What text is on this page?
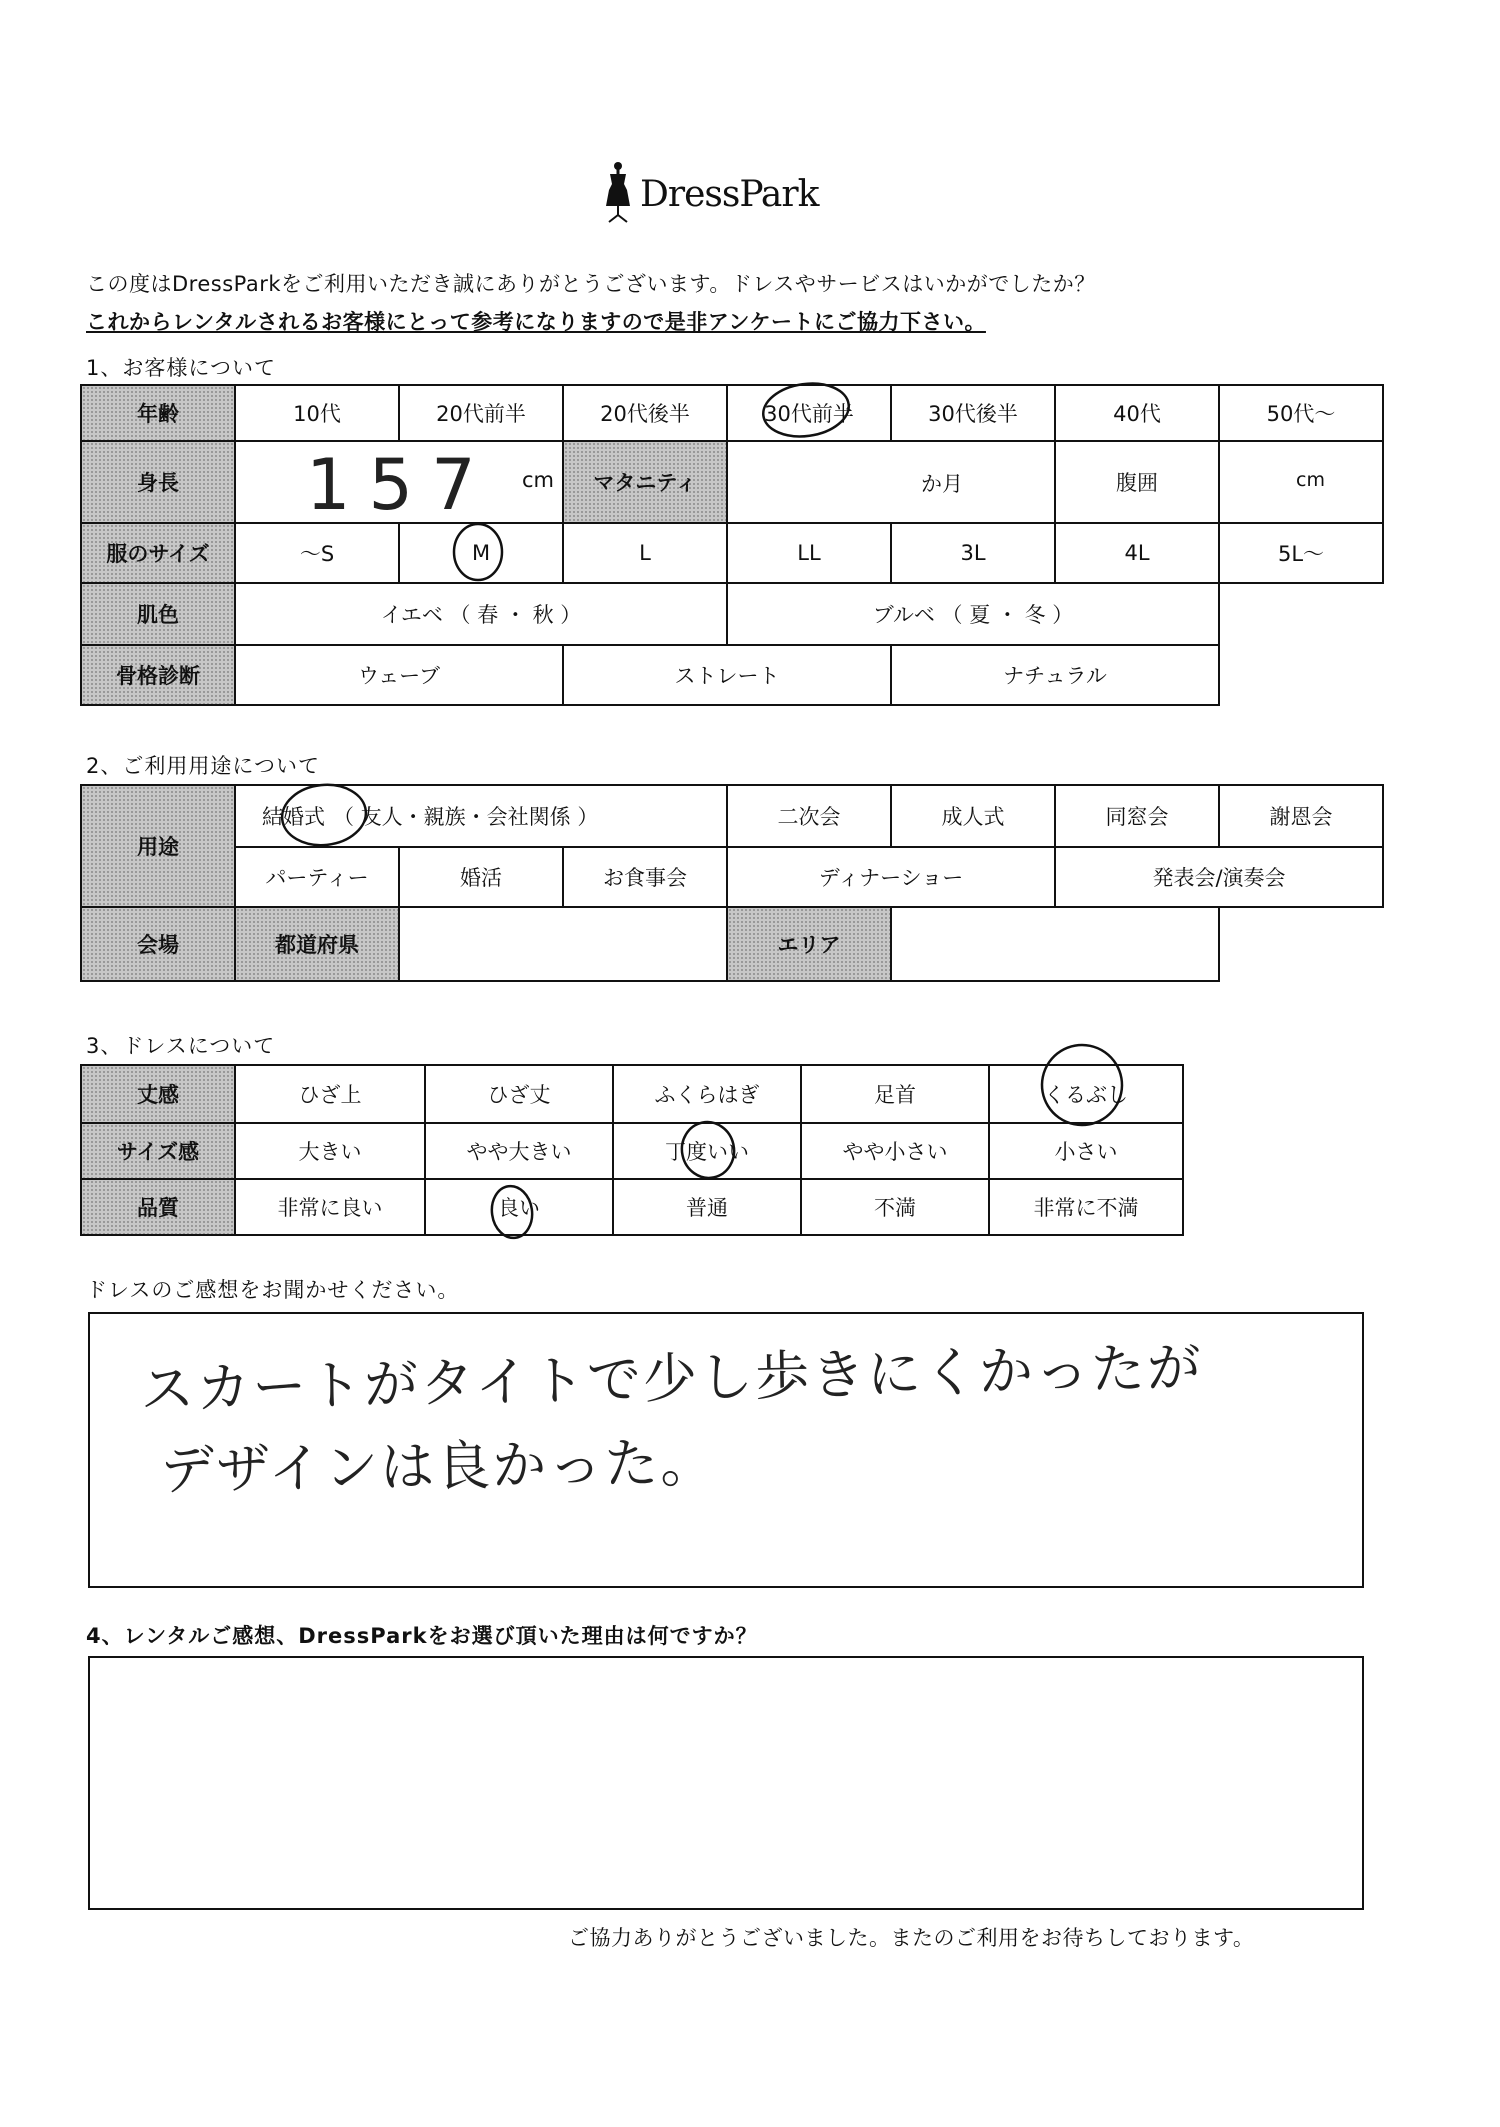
DressPark
この度はDressParkをご利用いただき誠にありがとうございます。ドレスやサービスはいかがでしたか？
これからレンタルされるお客様にとって参考になりますので是非アンケートにご協力下さい。
1、お客様について
年齢	10代	20代前半	20代後半	30代前半	30代後半	40代	50代～
身長	157 cm		マタニティ	か月		腹囲	cm

服のサイズ	～S	M	L	LL	3L	4L	5L～
肌色	イエベ （ 春 ・ 秋 ）			ブルベ （ 夏 ・ 冬 ）			
骨格診断	ウェーブ		ストレート		ナチュラル		
2、ご利用用途について
用途	結婚式 （ 友人・親族・会社関係 ）			二次会	成人式	同窓会	謝恩会
	パーティー	婚活	お食事会	ディナーショー		発表会/演奏会	
会場	都道府県			エリア			
3、ドレスについて
丈感	ひざ上	ひざ丈	ふくらはぎ	足首	くるぶし
サイズ感	大きい	やや大きい	丁度いい	やや小さい	小さい
品質	非常に良い	良い	普通	不満	非常に不満
ドレスのご感想をお聞かせください。
スカートがタイトで少し歩きにくかったが
デザインは良かった。
4、レンタルご感想、DressParkをお選び頂いた理由は何ですか？
ご協力ありがとうございました。またのご利用をお待ちしております。
